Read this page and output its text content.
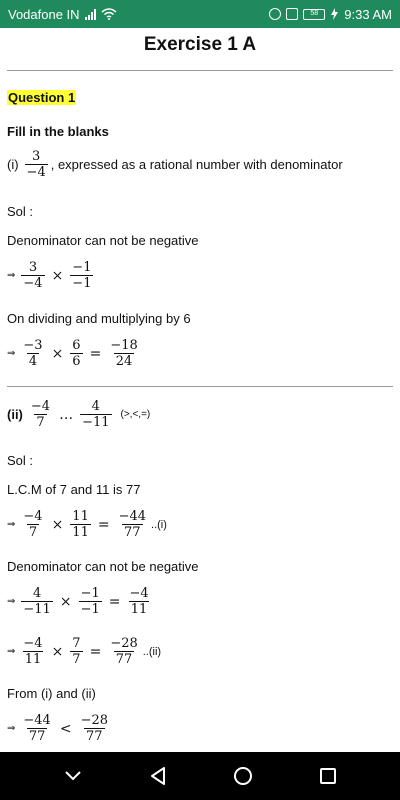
Vodafone IN	58	9:33 AM
Exercise 1 A
Question 1
Fill in the blanks
$(i) \frac{3}{-4}$ , expressed as a rational number with denominator
Sol :
Denominator can not be negative
⇒ $\frac{3}{-4} \times \frac{-1}{-1}$
On dividing and multiplying by 6
⇒ $\frac{-3}{4} \times \frac{6}{6} = \frac{-18}{24}$
$(ii) \frac{-4}{7}$ … $\frac{4}{-11}$ (>,<,=)
Sol :
L.C.M of 7 and 11 is 77
⇒ $\frac{-4}{7} \times \frac{11}{11} = \frac{-44}{77} ..(i)$
Denominator can not be negative
⇒ $\frac{4}{-11} \times \frac{-1}{-1} = \frac{-4}{11}$
⇒ $\frac{-4}{11} \times \frac{7}{7} = \frac{-28}{77} ..(ii)$
From (i) and (ii)
⇒ $\frac{-44}{77} < \frac{-28}{77}$
